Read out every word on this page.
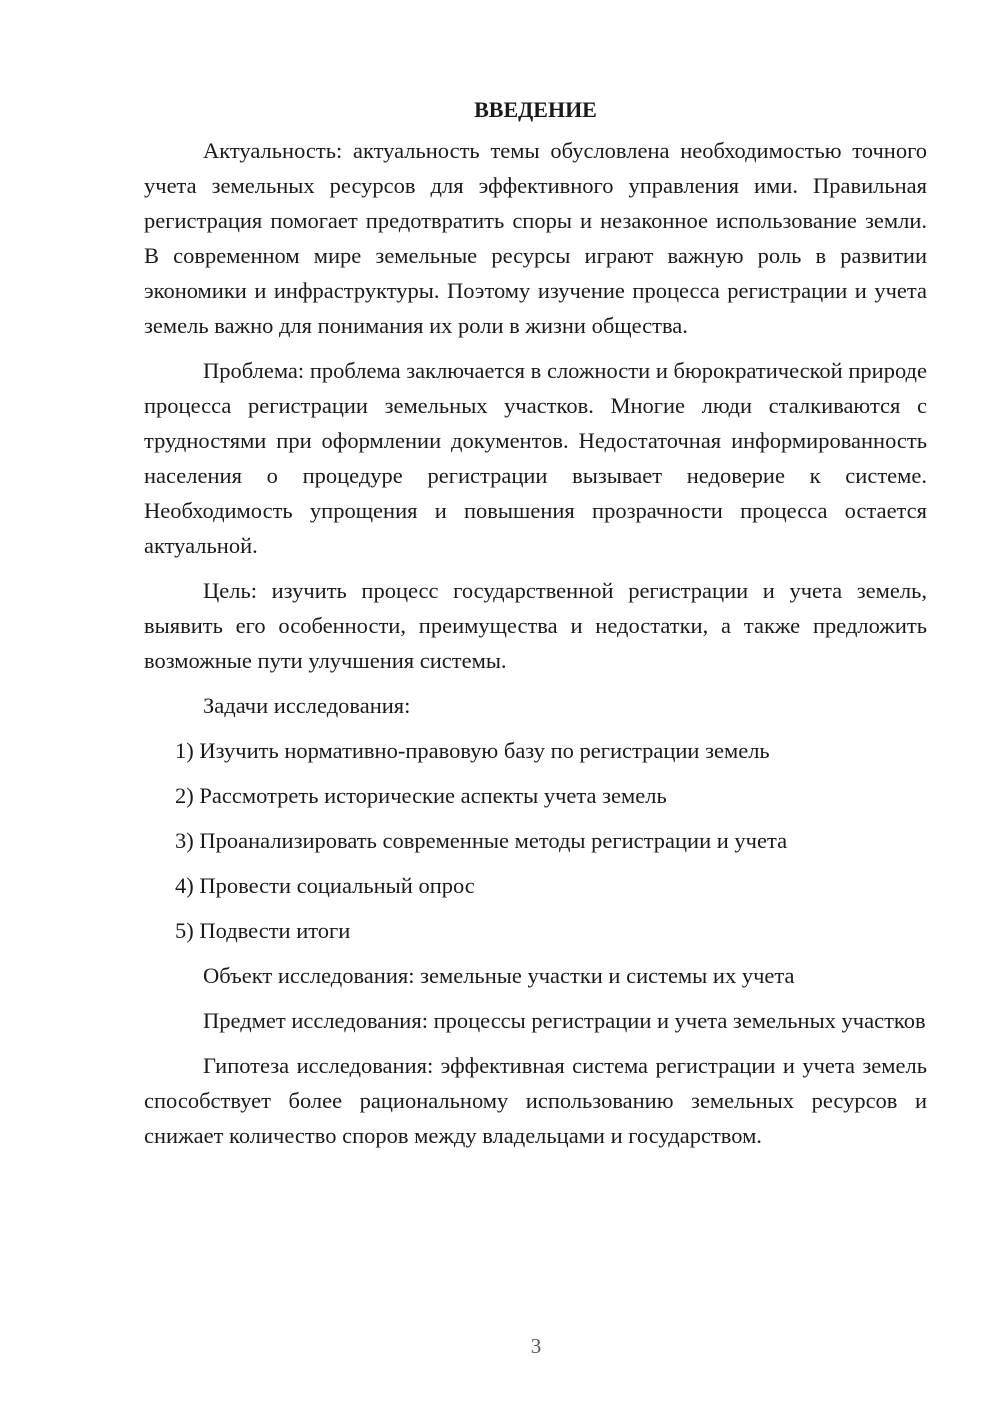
ВВЕДЕНИЕ

Актуальность: актуальность темы обусловлена необходимостью точного учета земельных ресурсов для эффективного управления ими. Правильная регистрация помогает предотвратить споры и незаконное использование земли. В современном мире земельные ресурсы играют важную роль в развитии экономики и инфраструктуры. Поэтому изучение процесса регистрации и учета земель важно для понимания их роли в жизни общества.

Проблема: проблема заключается в сложности и бюрократической природе процесса регистрации земельных участков. Многие люди сталкиваются с трудностями при оформлении документов. Недостаточная информированность населения о процедуре регистрации вызывает недоверие к системе. Необходимость упрощения и повышения прозрачности процесса остается актуальной.

Цель: изучить процесс государственной регистрации и учета земель, выявить его особенности, преимущества и недостатки, а также предложить возможные пути улучшения системы.

Задачи исследования:
1) Изучить нормативно-правовую базу по регистрации земель
2) Рассмотреть исторические аспекты учета земель
3) Проанализировать современные методы регистрации и учета
4) Провести социальный опрос
5) Подвести итоги
Объект исследования: земельные участки и системы их учета

Предмет исследования: процессы регистрации и учета земельных участков

Гипотеза исследования: эффективная система регистрации и учета земель способствует более рациональному использованию земельных ресурсов и снижает количество споров между владельцами и государством.

3
